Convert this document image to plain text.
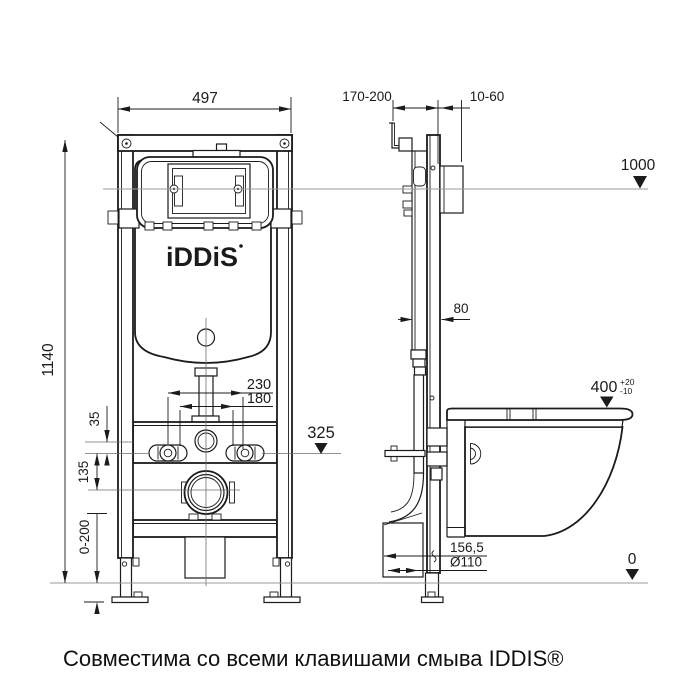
iDDiS
497
1140
230
180
35
135
325
0-200
170-200	10-60
80
1000
400 +20
-10
0
156,5
Ø110
Совместима со всеми клавишами смыва IDDIS®
